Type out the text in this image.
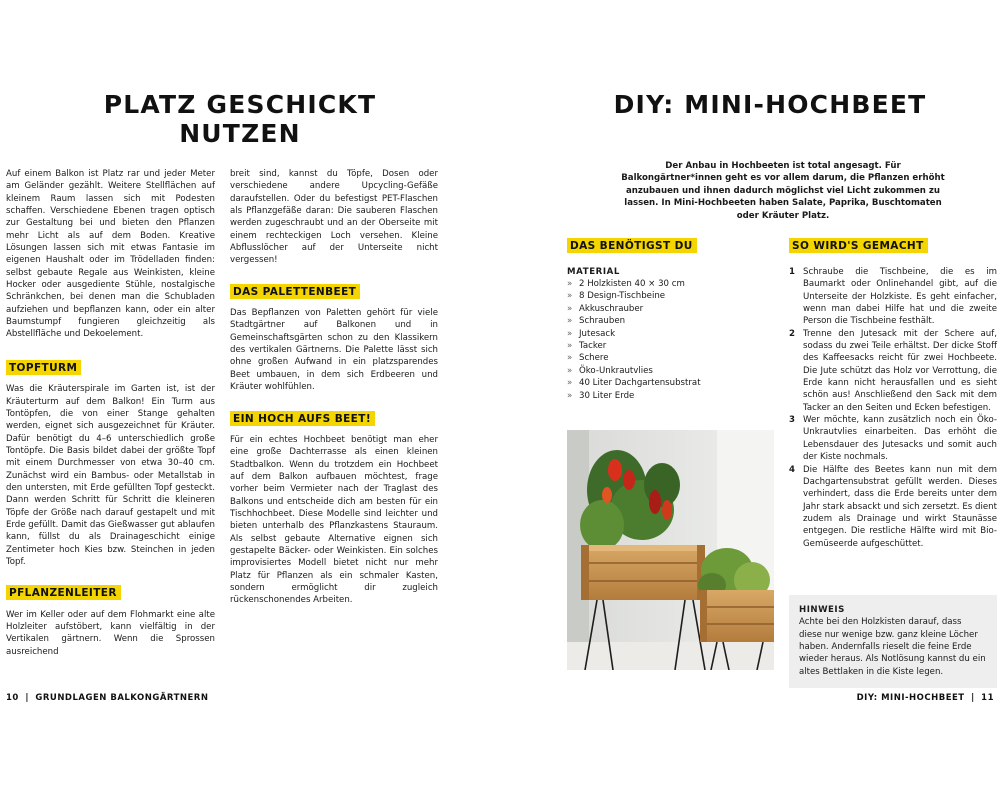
PLATZ GESCHICKT
NUTZEN

Auf einem Balkon ist Platz rar und jeder Meter am Geländer gezählt. Weitere Stellflächen auf kleinem Raum lassen sich mit Podesten schaffen. Verschiedene Ebenen tragen optisch zur Gestaltung bei und bieten den Pflanzen mehr Licht als auf dem Boden. Kreative Lösungen lassen sich mit etwas Fantasie im eigenen Haushalt oder im Trödelladen finden: selbst gebaute Regale aus Weinkisten, kleine Hocker oder ausgediente Stühle, nostalgische Schränkchen, bei denen man die Schubladen aufziehen und bepflanzen kann, oder ein alter Baumstumpf fungieren gleichzeitig als Abstellfläche und Dekoelement.

TOPFTURM

Was die Kräuterspirale im Garten ist, ist der Kräuterturm auf dem Balkon! Ein Turm aus Tontöpfen, die von einer Stange gehalten werden, eignet sich ausgezeichnet für Kräuter. Dafür benötigt du 4–6 unterschiedlich große Tontöpfe. Die Basis bildet dabei der größte Topf mit einem Durchmesser von etwa 30–40 cm. Zunächst wird ein Bambus- oder Metallstab in den untersten, mit Erde gefüllten Topf gesteckt. Dann werden Schritt für Schritt die kleineren Töpfe der Größe nach darauf gestapelt und mit Erde gefüllt. Damit das Gießwasser gut ablaufen kann, füllst du als Drainageschicht einige Zentimeter hoch Kies bzw. Steinchen in jeden Topf.

PFLANZENLEITER

Wer im Keller oder auf dem Flohmarkt eine alte Holzleiter aufstöbert, kann vielfältig in der Vertikalen gärtnern. Wenn die Sprossen ausreichend

breit sind, kannst du Töpfe, Dosen oder verschiedene andere Upcycling-Gefäße daraufstellen. Oder du befestigst PET-Flaschen als Pflanzgefäße daran: Die sauberen Flaschen werden zugeschraubt und an der Oberseite mit einem rechteckigen Loch versehen. Kleine Abflusslöcher auf der Unterseite nicht vergessen!

DAS PALETTENBEET

Das Bepflanzen von Paletten gehört für viele Stadtgärtner auf Balkonen und in Gemeinschaftsgärten schon zu den Klassikern des vertikalen Gärtnerns. Die Palette lässt sich ohne großen Aufwand in ein platzsparendes Beet umbauen, in dem sich Erdbeeren und Kräuter wohlfühlen.

EIN HOCH AUFS BEET!

Für ein echtes Hochbeet benötigt man eher eine große Dachterrasse als einen kleinen Stadtbalkon. Wenn du trotzdem ein Hochbeet auf dem Balkon aufbauen möchtest, frage vorher beim Vermieter nach der Traglast des Balkons und entscheide dich am besten für ein Tischhochbeet. Diese Modelle sind leichter und bieten unterhalb des Pflanzkastens Stauraum. Als selbst gebaute Alternative eignen sich gestapelte Bäcker- oder Weinkisten. Ein solches improvisiertes Modell bietet nicht nur mehr Platz für Pflanzen als ein schmaler Kasten, sondern ermöglicht dir zugleich rückenschonendes Arbeiten.

10 | GRUNDLAGEN BALKONGÄRTNERN
DIY: MINI-HOCHBEET
Der Anbau in Hochbeeten ist total angesagt. Für Balkongärtner*innen geht es vor allem darum, die Pflanzen erhöht anzubauen und ihnen dadurch möglichst viel Licht zukommen zu lassen. In Mini-Hochbeeten haben Salate, Paprika, Buschtomaten oder Kräuter Platz.
DAS BENÖTIGST DU
MATERIAL
» 2 Holzkisten 40 × 30 cm
» 8 Design-Tischbeine
» Akkuschrauber
» Schrauben
» Jutesack
» Tacker
» Schere
» Öko-Unkrautvlies
» 40 Liter Dachgartensubstrat
» 30 Liter Erde
SO WIRD'S GEMACHT
1 Schraube die Tischbeine, die es im Baumarkt oder Onlinehandel gibt, auf die Unterseite der Holzkiste. Es geht einfacher, wenn man dabei Hilfe hat und die zweite Person die Tischbeine festhält.
2 Trenne den Jutesack mit der Schere auf, sodass du zwei Teile erhältst. Der dicke Stoff des Kaffeesacks reicht für zwei Hochbeete. Die Jute schützt das Holz vor Verrottung, die Erde kann nicht herausfallen und es sieht schön aus! Anschließend den Sack mit dem Tacker an den Seiten und Ecken befestigen.
3 Wer möchte, kann zusätzlich noch ein Öko-Unkrautvlies einarbeiten. Das erhöht die Lebensdauer des Jutesacks und somit auch der Kiste nochmals.
4 Die Hälfte des Beetes kann nun mit dem Dachgartensubstrat gefüllt werden. Dieses verhindert, dass die Erde bereits unter dem Jahr stark absackt und sich zersetzt. Es dient zudem als Drainage und wirkt Staunässe entgegen. Die restliche Hälfte wird mit Bio-Gemüseerde aufgeschüttet.
HINWEIS
Achte bei den Holzkisten darauf, dass diese nur wenige bzw. ganz kleine Löcher haben. Andernfalls rieselt die feine Erde wieder heraus. Als Notlösung kannst du ein altes Bettlaken in die Kiste legen.
DIY: MINI-HOCHBEET | 11
